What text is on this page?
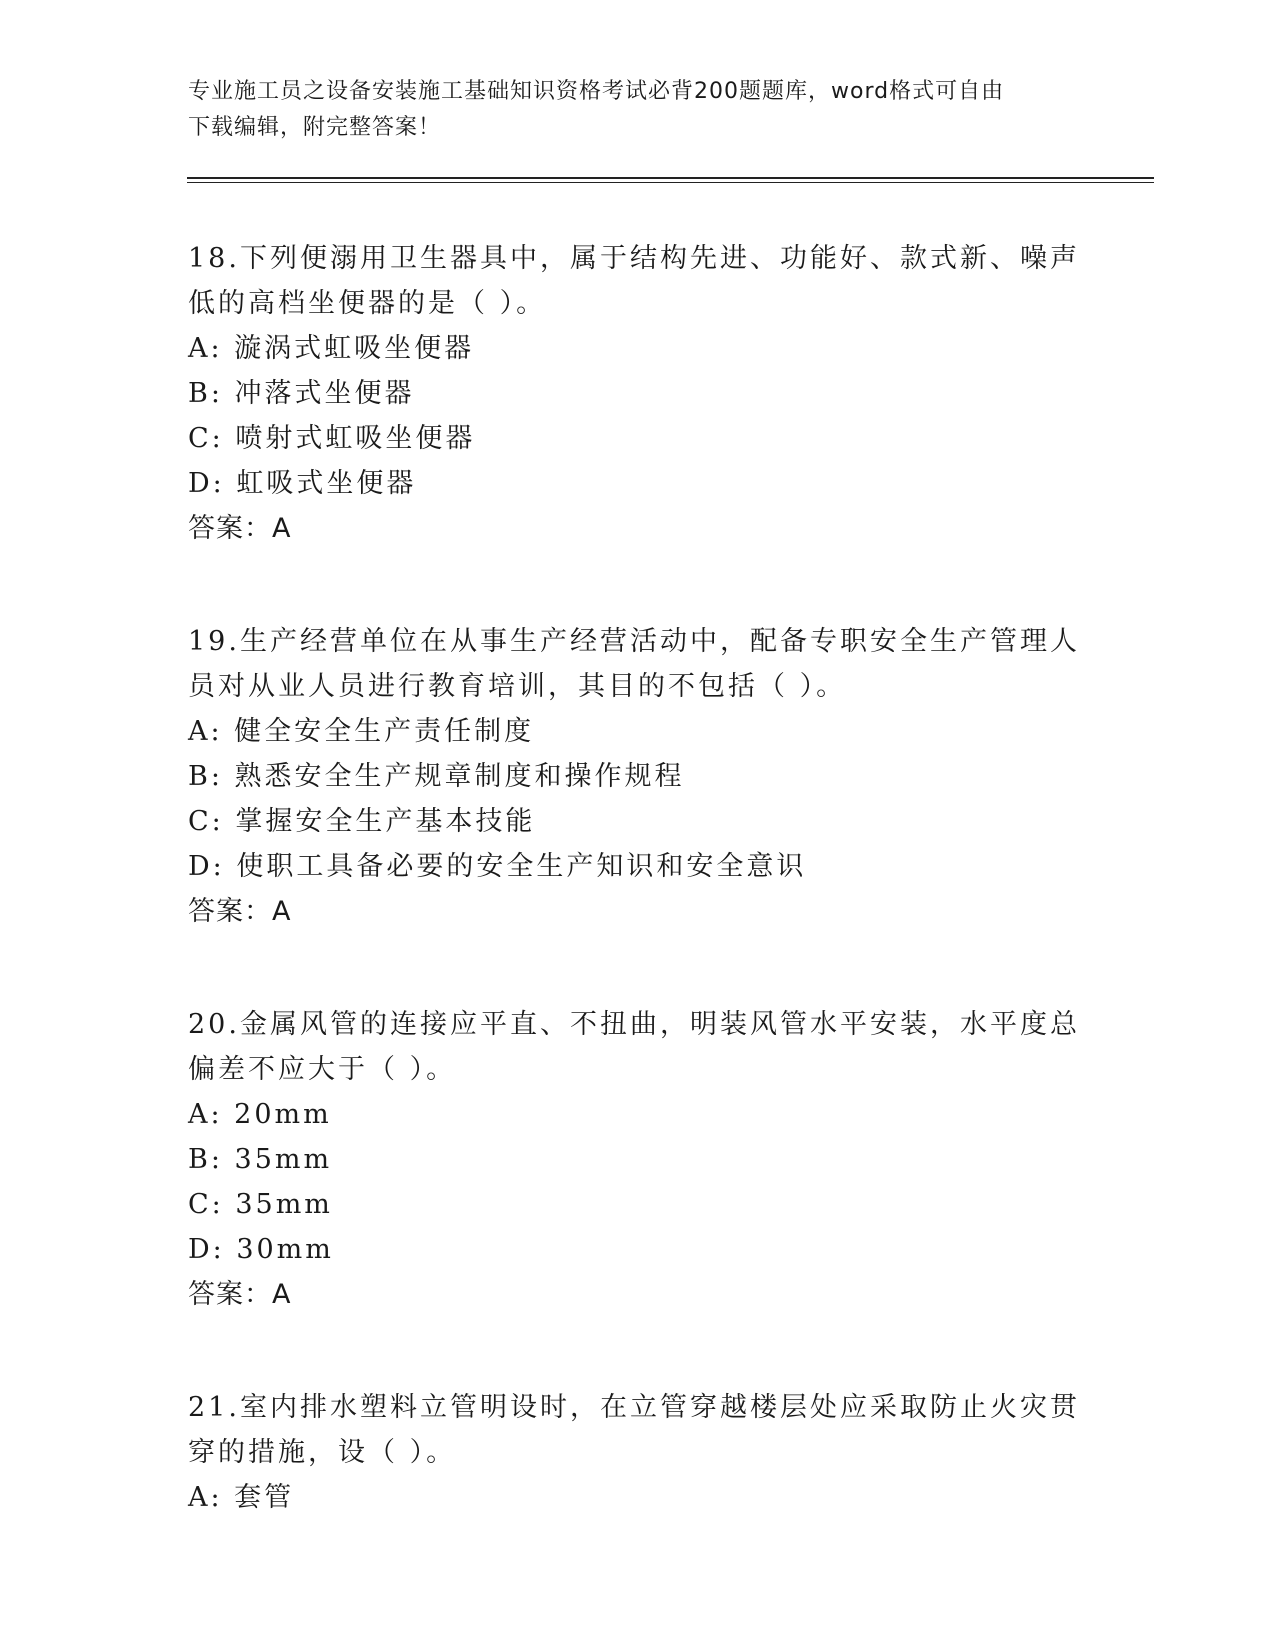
专业施工员之设备安装施工基础知识资格考试必背200题题库，word格式可自由
下载编辑，附完整答案！

18.下列便溺用卫生器具中，属于结构先进、功能好、款式新、噪声低的高档坐便器的是（ ）。

A: 漩涡式虹吸坐便器

B: 冲落式坐便器

C: 喷射式虹吸坐便器

D: 虹吸式坐便器

答案：A

19.生产经营单位在从事生产经营活动中，配备专职安全生产管理人员对从业人员进行教育培训，其目的不包括（ ）。

A: 健全安全生产责任制度

B: 熟悉安全生产规章制度和操作规程

C: 掌握安全生产基本技能

D: 使职工具备必要的安全生产知识和安全意识

答案：A

20.金属风管的连接应平直、不扭曲，明装风管水平安装，水平度总偏差不应大于（ ）。

A: 20mm

B: 35mm

C: 35mm

D: 30mm

答案：A

21.室内排水塑料立管明设时，在立管穿越楼层处应采取防止火灾贯穿的措施，设（ ）。

A: 套管
